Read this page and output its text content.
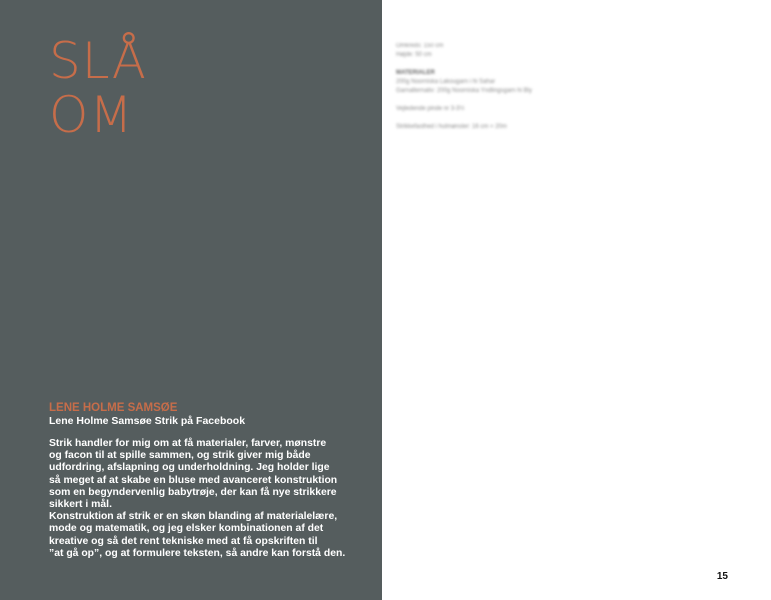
SLÅ
OM
LENE HOLME SAMSØE
Lene Holme Samsøe Strik på Facebook

Strik handler for mig om at få materialer, farver, mønstre

og facon til at spille sammen, og strik giver mig både

udfordring, afslapning og underholdning. Jeg holder lige

så meget af at skabe en bluse med avanceret konstruktion

som en begyndervenlig babytrøje, der kan få nye strikkere

sikkert i mål.

Konstruktion af strik er en skøn blanding af materialelære,

mode og matematik, og jeg elsker kombinationen af det

kreative og så det rent tekniske med at få opskriften til

”at gå op”, og at formulere teksten, så andre kan forstå den.

Omkreds: 150 cm
Højde: 50 cm
MATERIALER
200g Noorniska Lakougarn i hi Sahar
Garnalternativ: 200g Noorniska Yndlingsgarn hi Bly
Vejledende pinde nr 3-3½
Strikkefasthed i hulmønster: 16 cm = 20m
15
